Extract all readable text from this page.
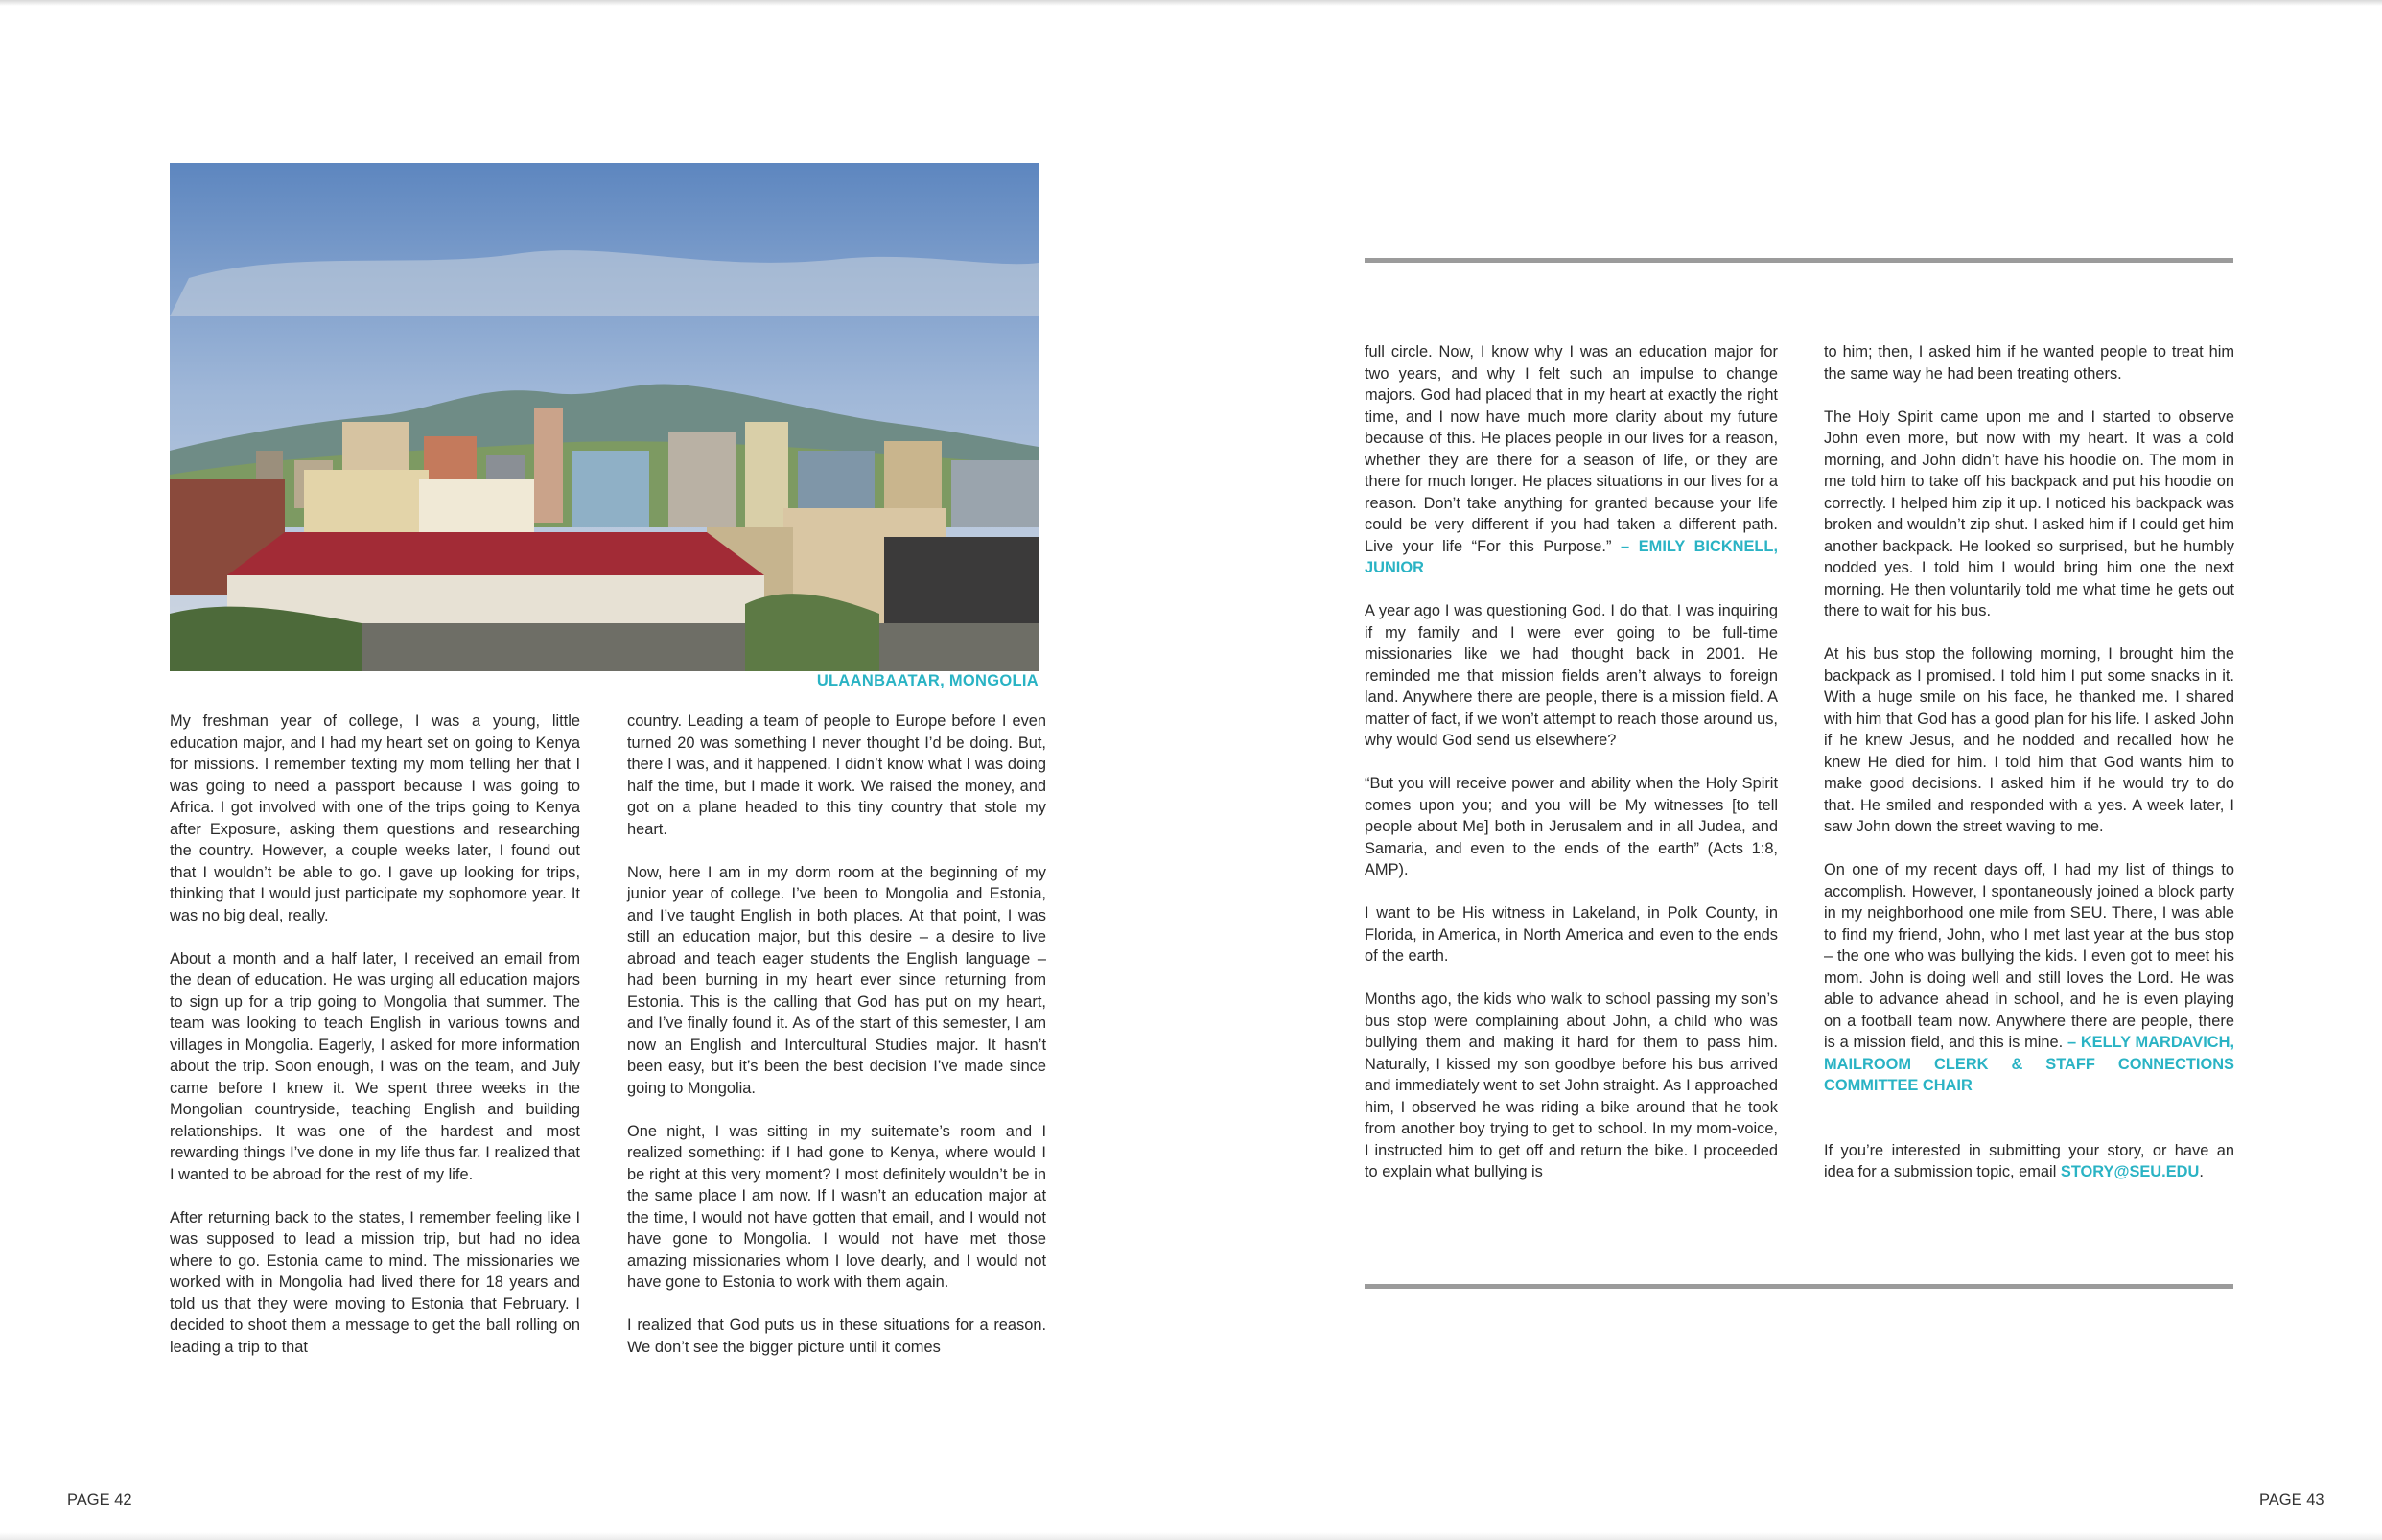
ULAANBAATAR, MONGOLIA

My freshman year of college, I was a young, little education major, and I had my heart set on going to Kenya for missions. I remember texting my mom telling her that I was going to need a passport because I was going to Africa. I got involved with one of the trips going to Kenya after Exposure, asking them questions and researching the country. However, a couple weeks later, I found out that I wouldn’t be able to go. I gave up looking for trips, thinking that I would just participate my sophomore year. It was no big deal, really.

About a month and a half later, I received an email from the dean of education. He was urging all education majors to sign up for a trip going to Mongolia that summer. The team was looking to teach English in various towns and villages in Mongolia. Eagerly, I asked for more information about the trip. Soon enough, I was on the team, and July came before I knew it. We spent three weeks in the Mongolian countryside, teaching English and building relationships. It was one of the hardest and most rewarding things I’ve done in my life thus far. I realized that I wanted to be abroad for the rest of my life.

After returning back to the states, I remember feeling like I was supposed to lead a mission trip, but had no idea where to go. Estonia came to mind. The missionaries we worked with in Mongolia had lived there for 18 years and told us that they were moving to Estonia that February. I decided to shoot them a message to get the ball rolling on leading a trip to that

country. Leading a team of people to Europe before I even turned 20 was something I never thought I’d be doing. But, there I was, and it happened. I didn’t know what I was doing half the time, but I made it work. We raised the money, and got on a plane headed to this tiny country that stole my heart.

Now, here I am in my dorm room at the beginning of my junior year of college. I’ve been to Mongolia and Estonia, and I’ve taught English in both places. At that point, I was still an education major, but this desire – a desire to live abroad and teach eager students the English language – had been burning in my heart ever since returning from Estonia. This is the calling that God has put on my heart, and I’ve finally found it. As of the start of this semester, I am now an English and Intercultural Studies major. It hasn’t been easy, but it’s been the best decision I’ve made since going to Mongolia.

One night, I was sitting in my suitemate’s room and I realized something: if I had gone to Kenya, where would I be right at this very moment? I most definitely wouldn’t be in the same place I am now. If I wasn’t an education major at the time, I would not have gotten that email, and I would not have gone to Mongolia. I would not have met those amazing missionaries whom I love dearly, and I would not have gone to Estonia to work with them again.

I realized that God puts us in these situations for a reason. We don’t see the bigger picture until it comes

PAGE 42

full circle. Now, I know why I was an education major for two years, and why I felt such an impulse to change majors. God had placed that in my heart at exactly the right time, and I now have much more clarity about my future because of this. He places people in our lives for a reason, whether they are there for a season of life, or they are there for much longer. He places situations in our lives for a reason. Don’t take anything for granted because your life could be very different if you had taken a different path. Live your life “For this Purpose.” – EMILY BICKNELL, JUNIOR

A year ago I was questioning God. I do that. I was inquiring if my family and I were ever going to be full-time missionaries like we had thought back in 2001. He reminded me that mission fields aren’t always to foreign land. Anywhere there are people, there is a mission field. A matter of fact, if we won’t attempt to reach those around us, why would God send us elsewhere?

“But you will receive power and ability when the Holy Spirit comes upon you; and you will be My witnesses [to tell people about Me] both in Jerusalem and in all Judea, and Samaria, and even to the ends of the earth” (Acts 1:8, AMP).

I want to be His witness in Lakeland, in Polk County, in Florida, in America, in North America and even to the ends of the earth.

Months ago, the kids who walk to school passing my son’s bus stop were complaining about John, a child who was bullying them and making it hard for them to pass him. Naturally, I kissed my son goodbye before his bus arrived and immediately went to set John straight. As I approached him, I observed he was riding a bike around that he took from another boy trying to get to school. In my mom-voice, I instructed him to get off and return the bike. I proceeded to explain what bullying is

to him; then, I asked him if he wanted people to treat him the same way he had been treating others.

The Holy Spirit came upon me and I started to observe John even more, but now with my heart. It was a cold morning, and John didn’t have his hoodie on. The mom in me told him to take off his backpack and put his hoodie on correctly. I helped him zip it up. I noticed his backpack was broken and wouldn’t zip shut. I asked him if I could get him another backpack. He looked so surprised, but he humbly nodded yes. I told him I would bring him one the next morning. He then voluntarily told me what time he gets out there to wait for his bus.

At his bus stop the following morning, I brought him the backpack as I promised. I told him I put some snacks in it. With a huge smile on his face, he thanked me. I shared with him that God has a good plan for his life. I asked John if he knew Jesus, and he nodded and recalled how he knew He died for him. I told him that God wants him to make good decisions. I asked him if he would try to do that. He smiled and responded with a yes. A week later, I saw John down the street waving to me.

On one of my recent days off, I had my list of things to accomplish. However, I spontaneously joined a block party in my neighborhood one mile from SEU. There, I was able to find my friend, John, who I met last year at the bus stop – the one who was bullying the kids. I even got to meet his mom. John is doing well and still loves the Lord. He was able to advance ahead in school, and he is even playing on a football team now. Anywhere there are people, there is a mission field, and this is mine. – KELLY MARDAVICH, MAILROOM CLERK & STAFF CONNECTIONS COMMITTEE CHAIR

If you’re interested in submitting your story, or have an idea for a submission topic, email STORY@SEU.EDU.

PAGE 43
